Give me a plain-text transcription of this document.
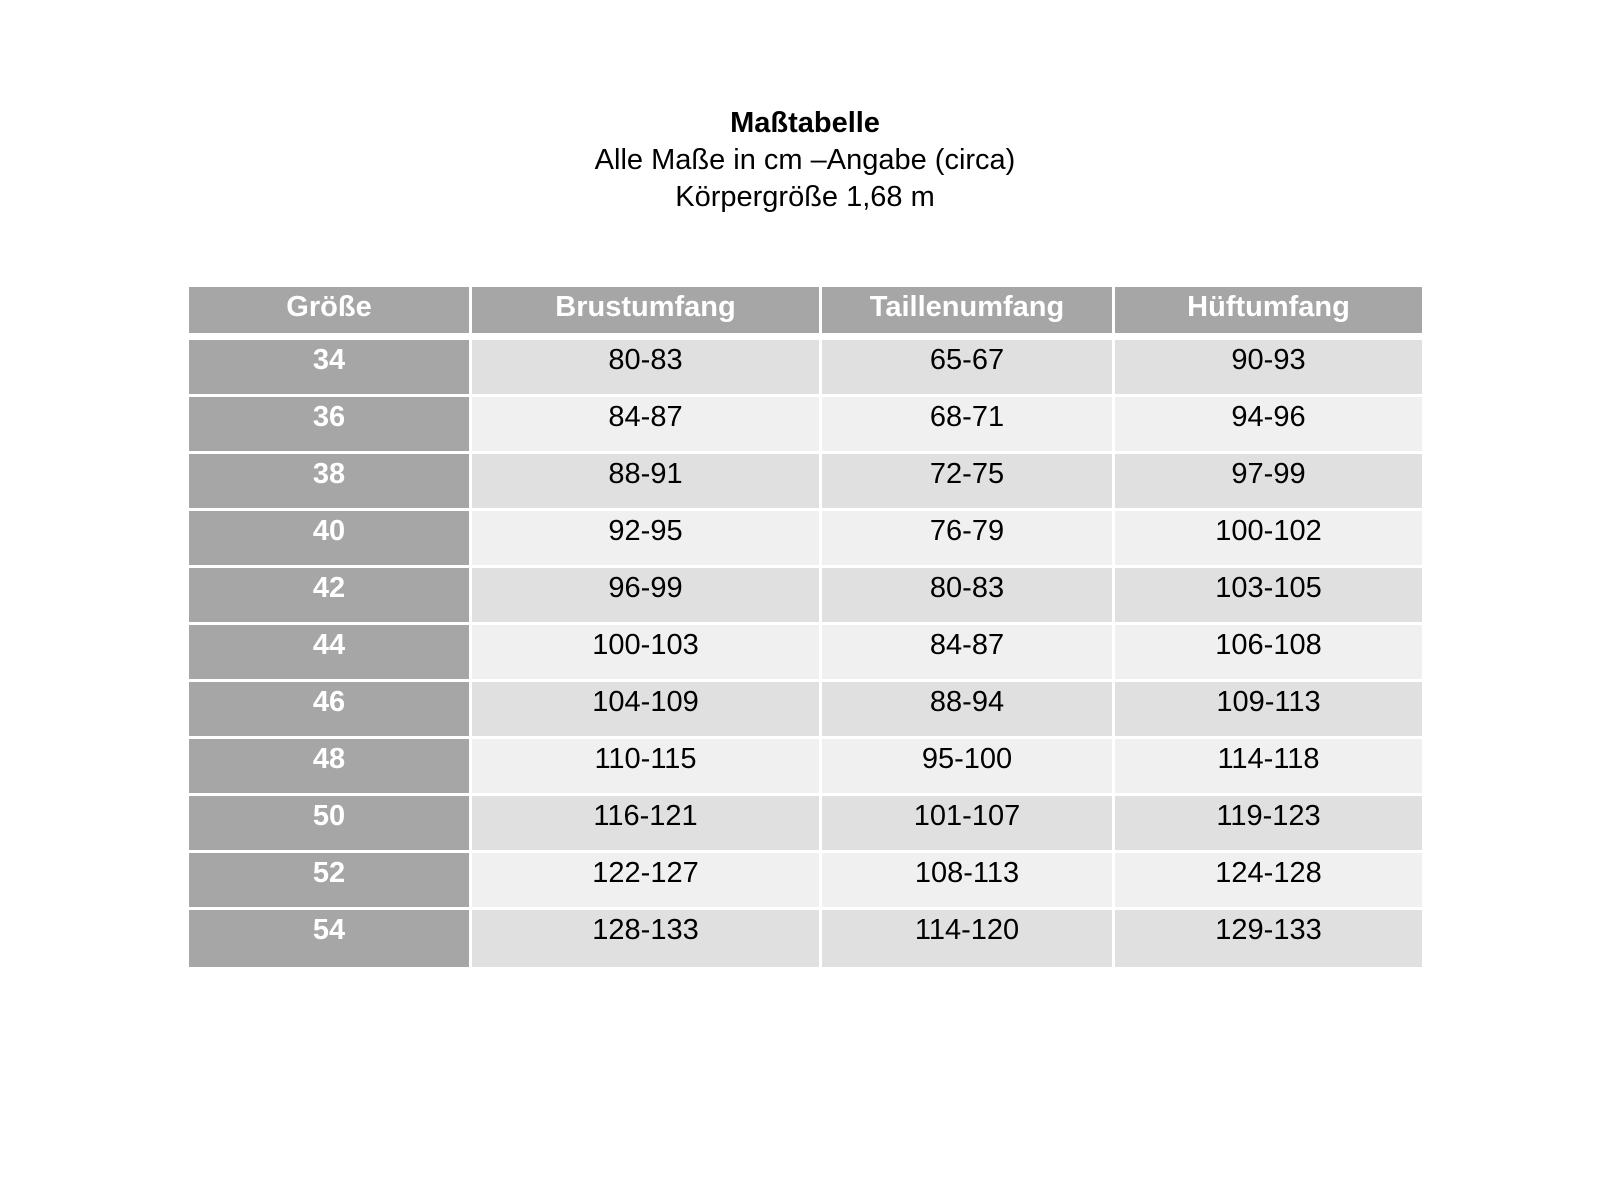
Maßtabelle
Alle Maße in cm –Angabe (circa)
Körpergröße 1,68 m
Größe	Brustumfang	Taillenumfang	Hüftumfang
34	80-83	65-67	90-93
36	84-87	68-71	94-96
38	88-91	72-75	97-99
40	92-95	76-79	100-102
42	96-99	80-83	103-105
44	100-103	84-87	106-108
46	104-109	88-94	109-113
48	110-115	95-100	114-118
50	116-121	101-107	119-123
52	122-127	108-113	124-128
54	128-133	114-120	129-133
